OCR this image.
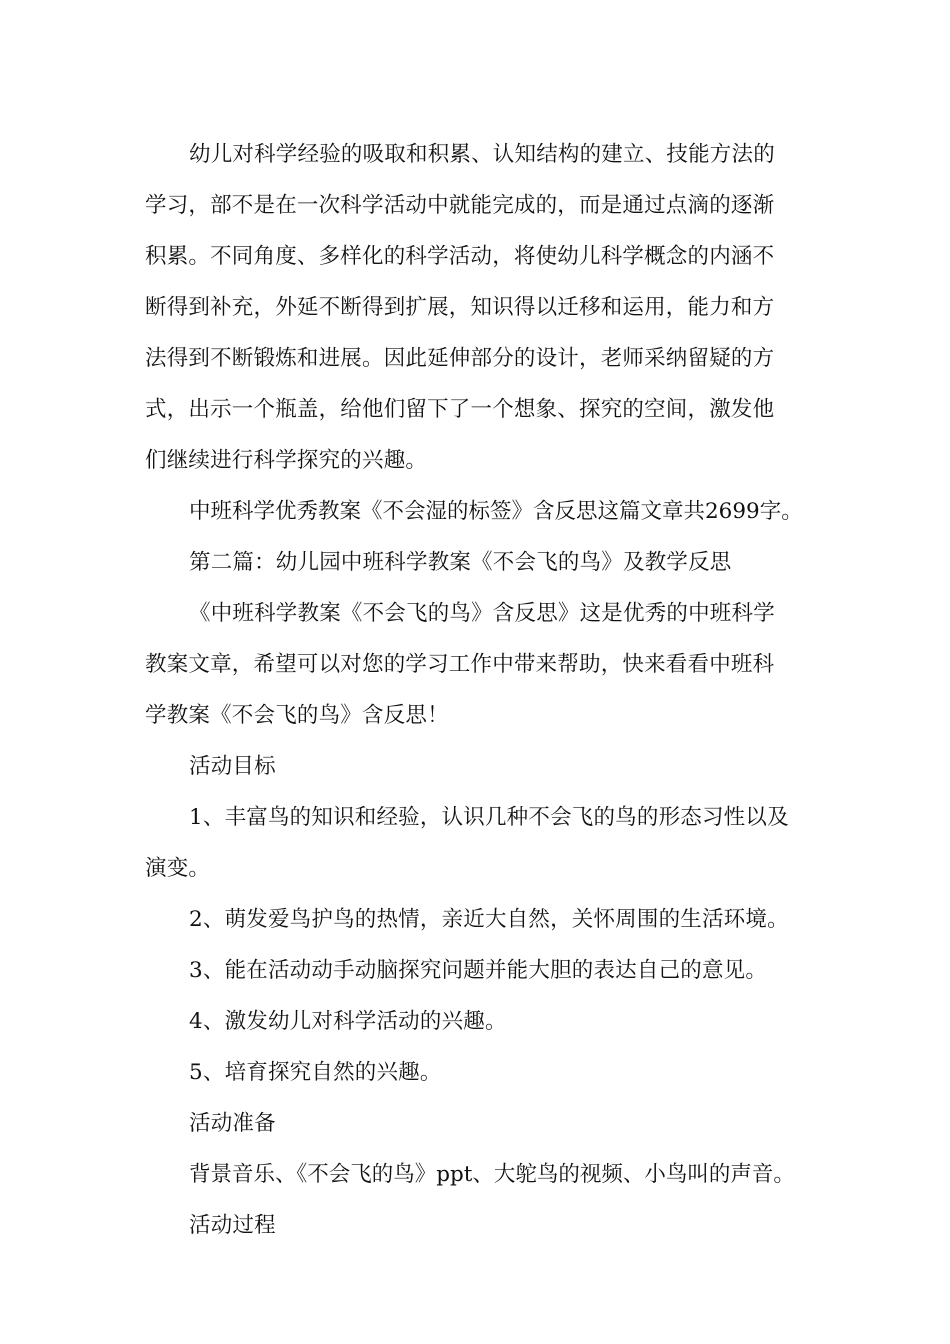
幼儿对科学经验的吸取和积累、认知结构的建立、技能方法的
学习，部不是在一次科学活动中就能完成的，而是通过点滴的逐渐
积累。不同角度、多样化的科学活动，将使幼儿科学概念的内涵不
断得到补充，外延不断得到扩展，知识得以迁移和运用，能力和方
法得到不断锻炼和进展。因此延伸部分的设计，老师采纳留疑的方
式，出示一个瓶盖，给他们留下了一个想象、探究的空间，激发他
们继续进行科学探究的兴趣。
中班科学优秀教案《不会湿的标签》含反思这篇文章共2699字。
第二篇：幼儿园中班科学教案《不会飞的鸟》及教学反思
《中班科学教案《不会飞的鸟》含反思》这是优秀的中班科学
教案文章，希望可以对您的学习工作中带来帮助，快来看看中班科
学教案《不会飞的鸟》含反思！
活动目标
1、丰富鸟的知识和经验，认识几种不会飞的鸟的形态习性以及
演变。
2、萌发爱鸟护鸟的热情，亲近大自然，关怀周围的生活环境。
3、能在活动动手动脑探究问题并能大胆的表达自己的意见。
4、激发幼儿对科学活动的兴趣。
5、培育探究自然的兴趣。
活动准备
背景音乐、《不会飞的鸟》ppt、大鸵鸟的视频、小鸟叫的声音。
活动过程
